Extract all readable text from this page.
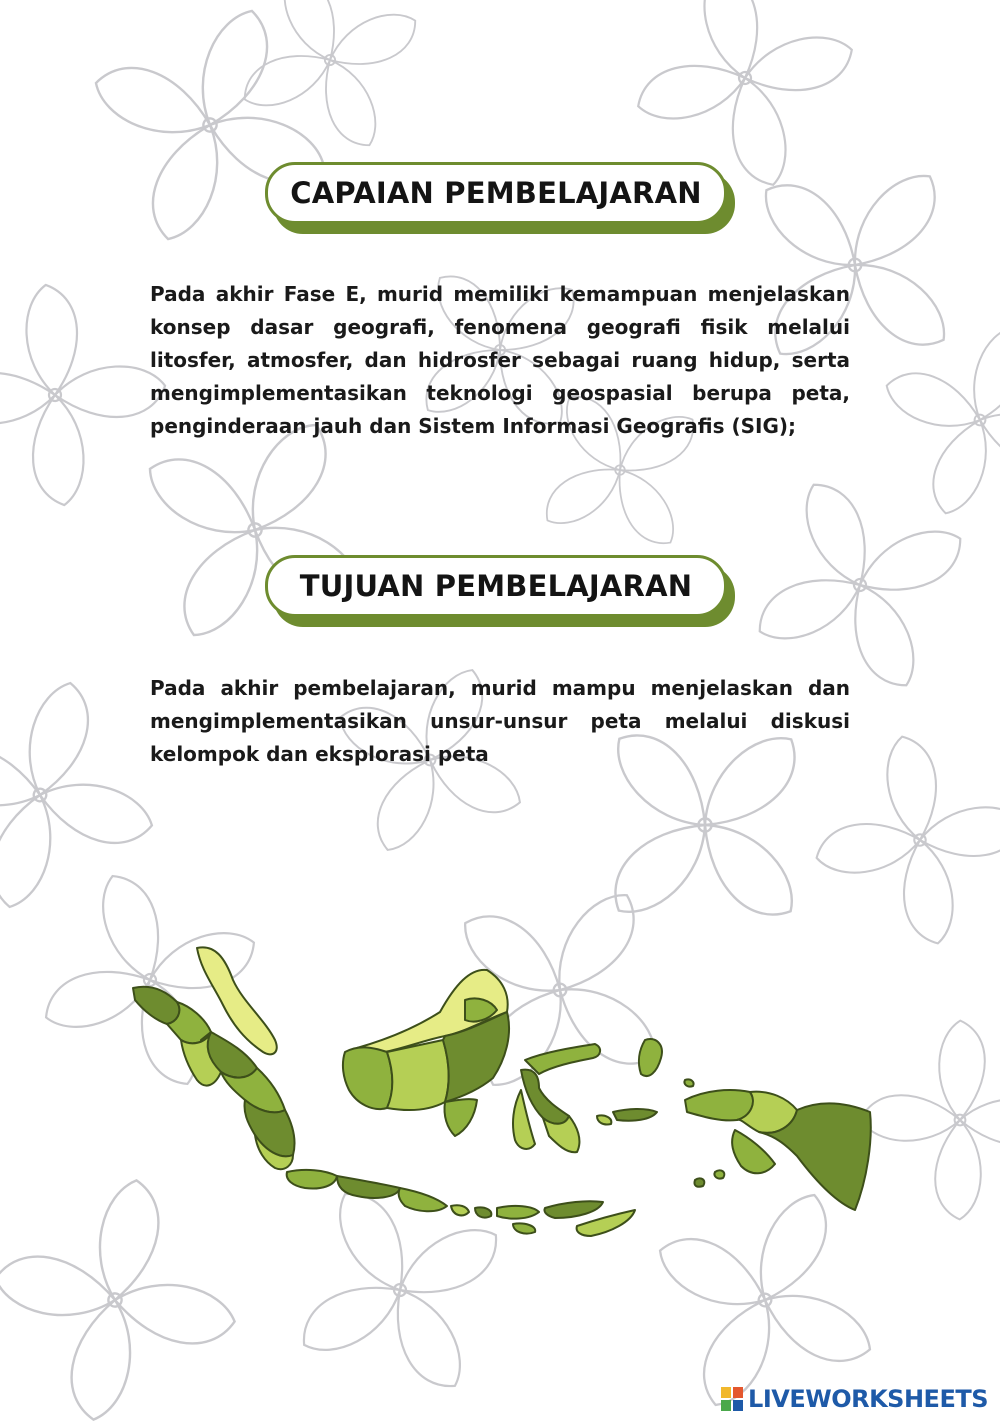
CAPAIAN PEMBELAJARAN

Pada akhir Fase E, murid memiliki kemampuan menjelaskan konsep dasar geografi, fenomena geografi fisik melalui litosfer, atmosfer, dan hidrosfer sebagai ruang hidup, serta mengimplementasikan teknologi geospasial berupa peta, penginderaan jauh dan Sistem Informasi Geografis (SIG);

TUJUAN PEMBELAJARAN

Pada akhir pembelajaran, murid mampu menjelaskan dan mengimplementasikan unsur-unsur peta melalui diskusi kelompok dan eksplorasi peta

LIVEWORKSHEETS
